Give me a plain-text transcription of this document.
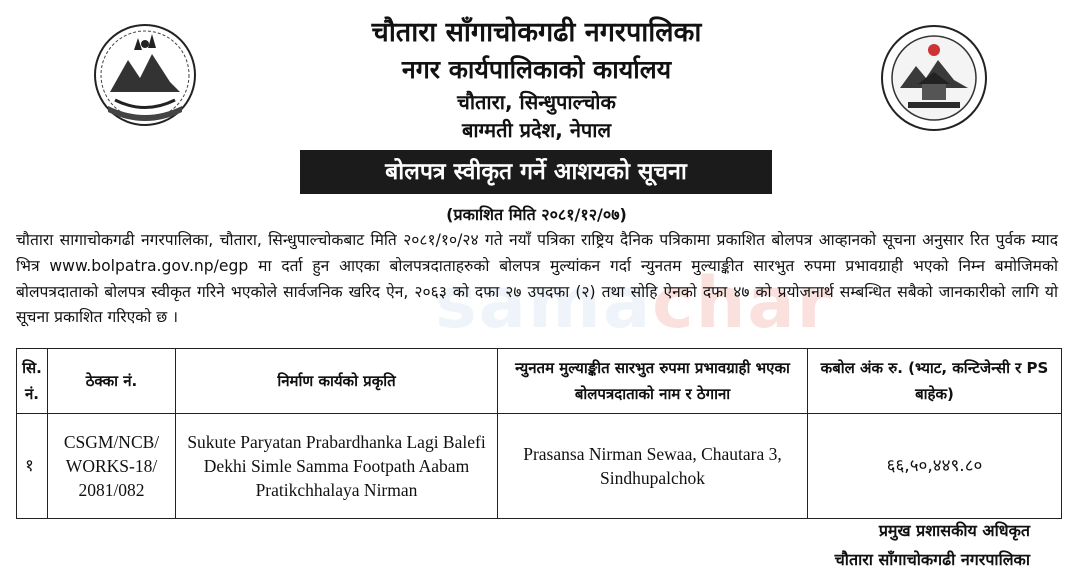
चौतारा साँगाचोकगढी नगरपालिका
नगर कार्यपालिकाको कार्यालय
चौतारा, सिन्धुपाल्चोक
बाग्मती प्रदेश, नेपाल
बोलपत्र स्वीकृत गर्ने आशयको सूचना
(प्रकाशित मिति २०८१/१२/०७)
samachar
चौतारा सागाचोकगढी नगरपालिका, चौतारा, सिन्धुपाल्चोकबाट मिति २०८१/१०/२४ गते नयाँ पत्रिका राष्ट्रिय दैनिक पत्रिकामा प्रकाशित बोलपत्र आव्हानको सूचना अनुसार रित पुर्वक म्याद भित्र www.bolpatra.gov.np/egp मा दर्ता हुन आएका बोलपत्रदाताहरुको बोलपत्र मुल्यांकन गर्दा न्युनतम मुल्याङ्कीत सारभुत रुपमा प्रभावग्राही भएको निम्न बमोजिमको बोलपत्रदाताको बोलपत्र स्वीकृत गरिने भएकोले सार्वजनिक खरिद ऐन, २०६३ को दफा २७ उपदफा (२) तथा सोहि ऐनको दफा ४७ को प्रयोजनार्थ सम्बन्धित सबैको जानकारीको लागि यो सूचना प्रकाशित गरिएको छ ।
सि. नं.	ठेक्का नं.	निर्माण कार्यको प्रकृति	न्युनतम मुल्याङ्कीत सारभुत रुपमा प्रभावग्राही भएका बोलपत्रदाताको नाम र ठेगाना	कबोल अंक रु. (भ्याट, कन्टिजेन्सी र PS बाहेक)
१	CSGM/NCB/ WORKS-18/ 2081/082	Sukute Paryatan Prabardhanka Lagi Balefi Dekhi Simle Samma Footpath Aabam Pratikchhalaya Nirman	Prasansa Nirman Sewaa, Chautara 3, Sindhupalchok	६६,५०,४४९.८०
प्रमुख प्रशासकीय अधिकृत
चौतारा साँगाचोकगढी नगरपालिका
